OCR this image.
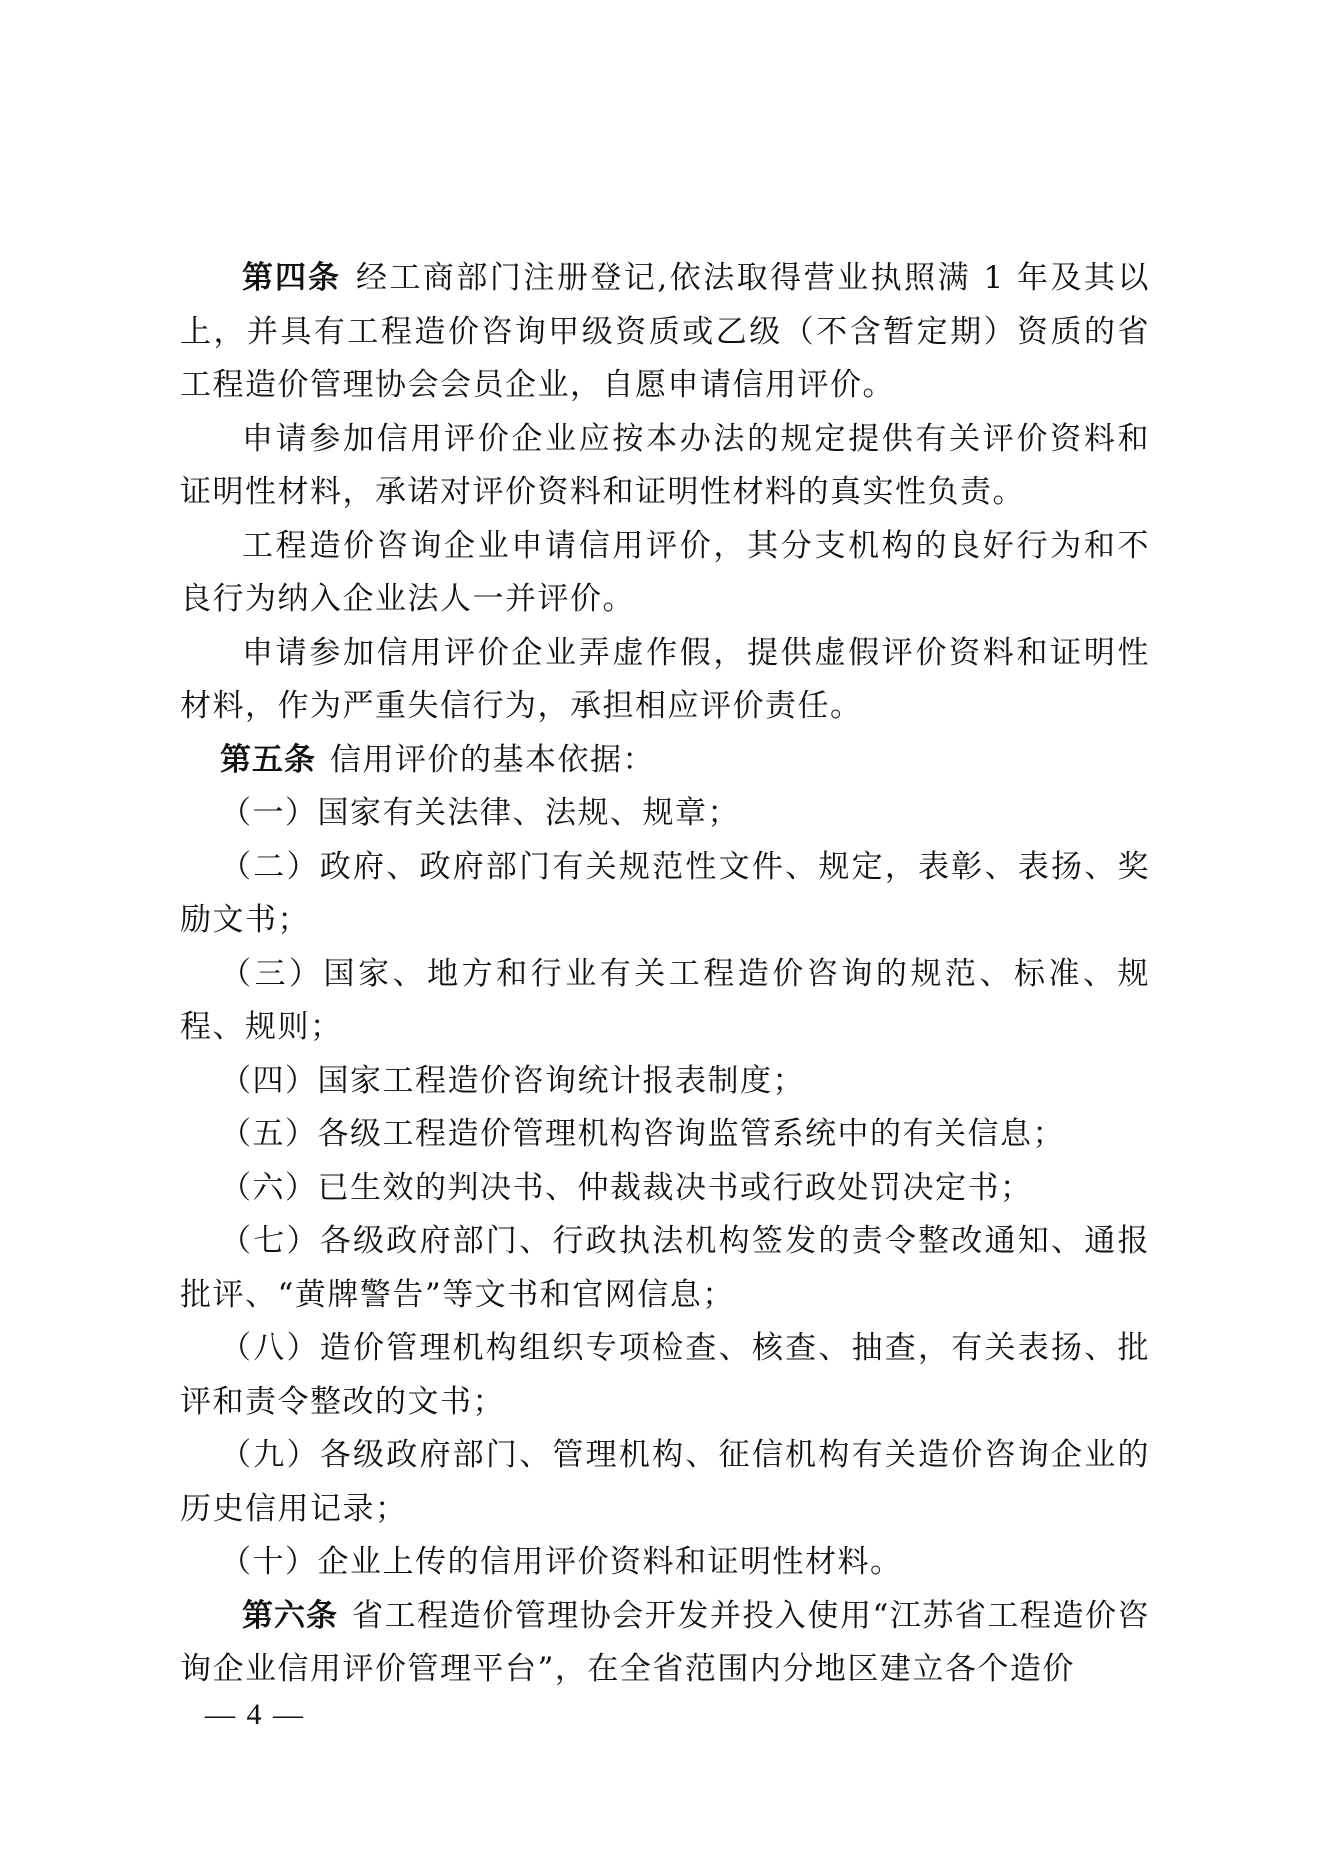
第四条 经工商部门注册登记,依法取得营业执照满 1 年及其以上，并具有工程造价咨询甲级资质或乙级（不含暂定期）资质的省工程造价管理协会会员企业，自愿申请信用评价。

申请参加信用评价企业应按本办法的规定提供有关评价资料和证明性材料，承诺对评价资料和证明性材料的真实性负责。

工程造价咨询企业申请信用评价，其分支机构的良好行为和不良行为纳入企业法人一并评价。

申请参加信用评价企业弄虚作假，提供虚假评价资料和证明性材料，作为严重失信行为，承担相应评价责任。

第五条 信用评价的基本依据：

（一）国家有关法律、法规、规章；

（二）政府、政府部门有关规范性文件、规定，表彰、表扬、奖励文书；

（三）国家、地方和行业有关工程造价咨询的规范、标准、规程、规则；

（四）国家工程造价咨询统计报表制度；

（五）各级工程造价管理机构咨询监管系统中的有关信息；

（六）已生效的判决书、仲裁裁决书或行政处罚决定书；

（七）各级政府部门、行政执法机构签发的责令整改通知、通报批评、“黄牌警告”等文书和官网信息；

（八）造价管理机构组织专项检查、核查、抽查，有关表扬、批评和责令整改的文书；

（九）各级政府部门、管理机构、征信机构有关造价咨询企业的历史信用记录；

（十）企业上传的信用评价资料和证明性材料。

第六条 省工程造价管理协会开发并投入使用“江苏省工程造价咨询企业信用评价管理平台”，在全省范围内分地区建立各个造价

— 4 —
